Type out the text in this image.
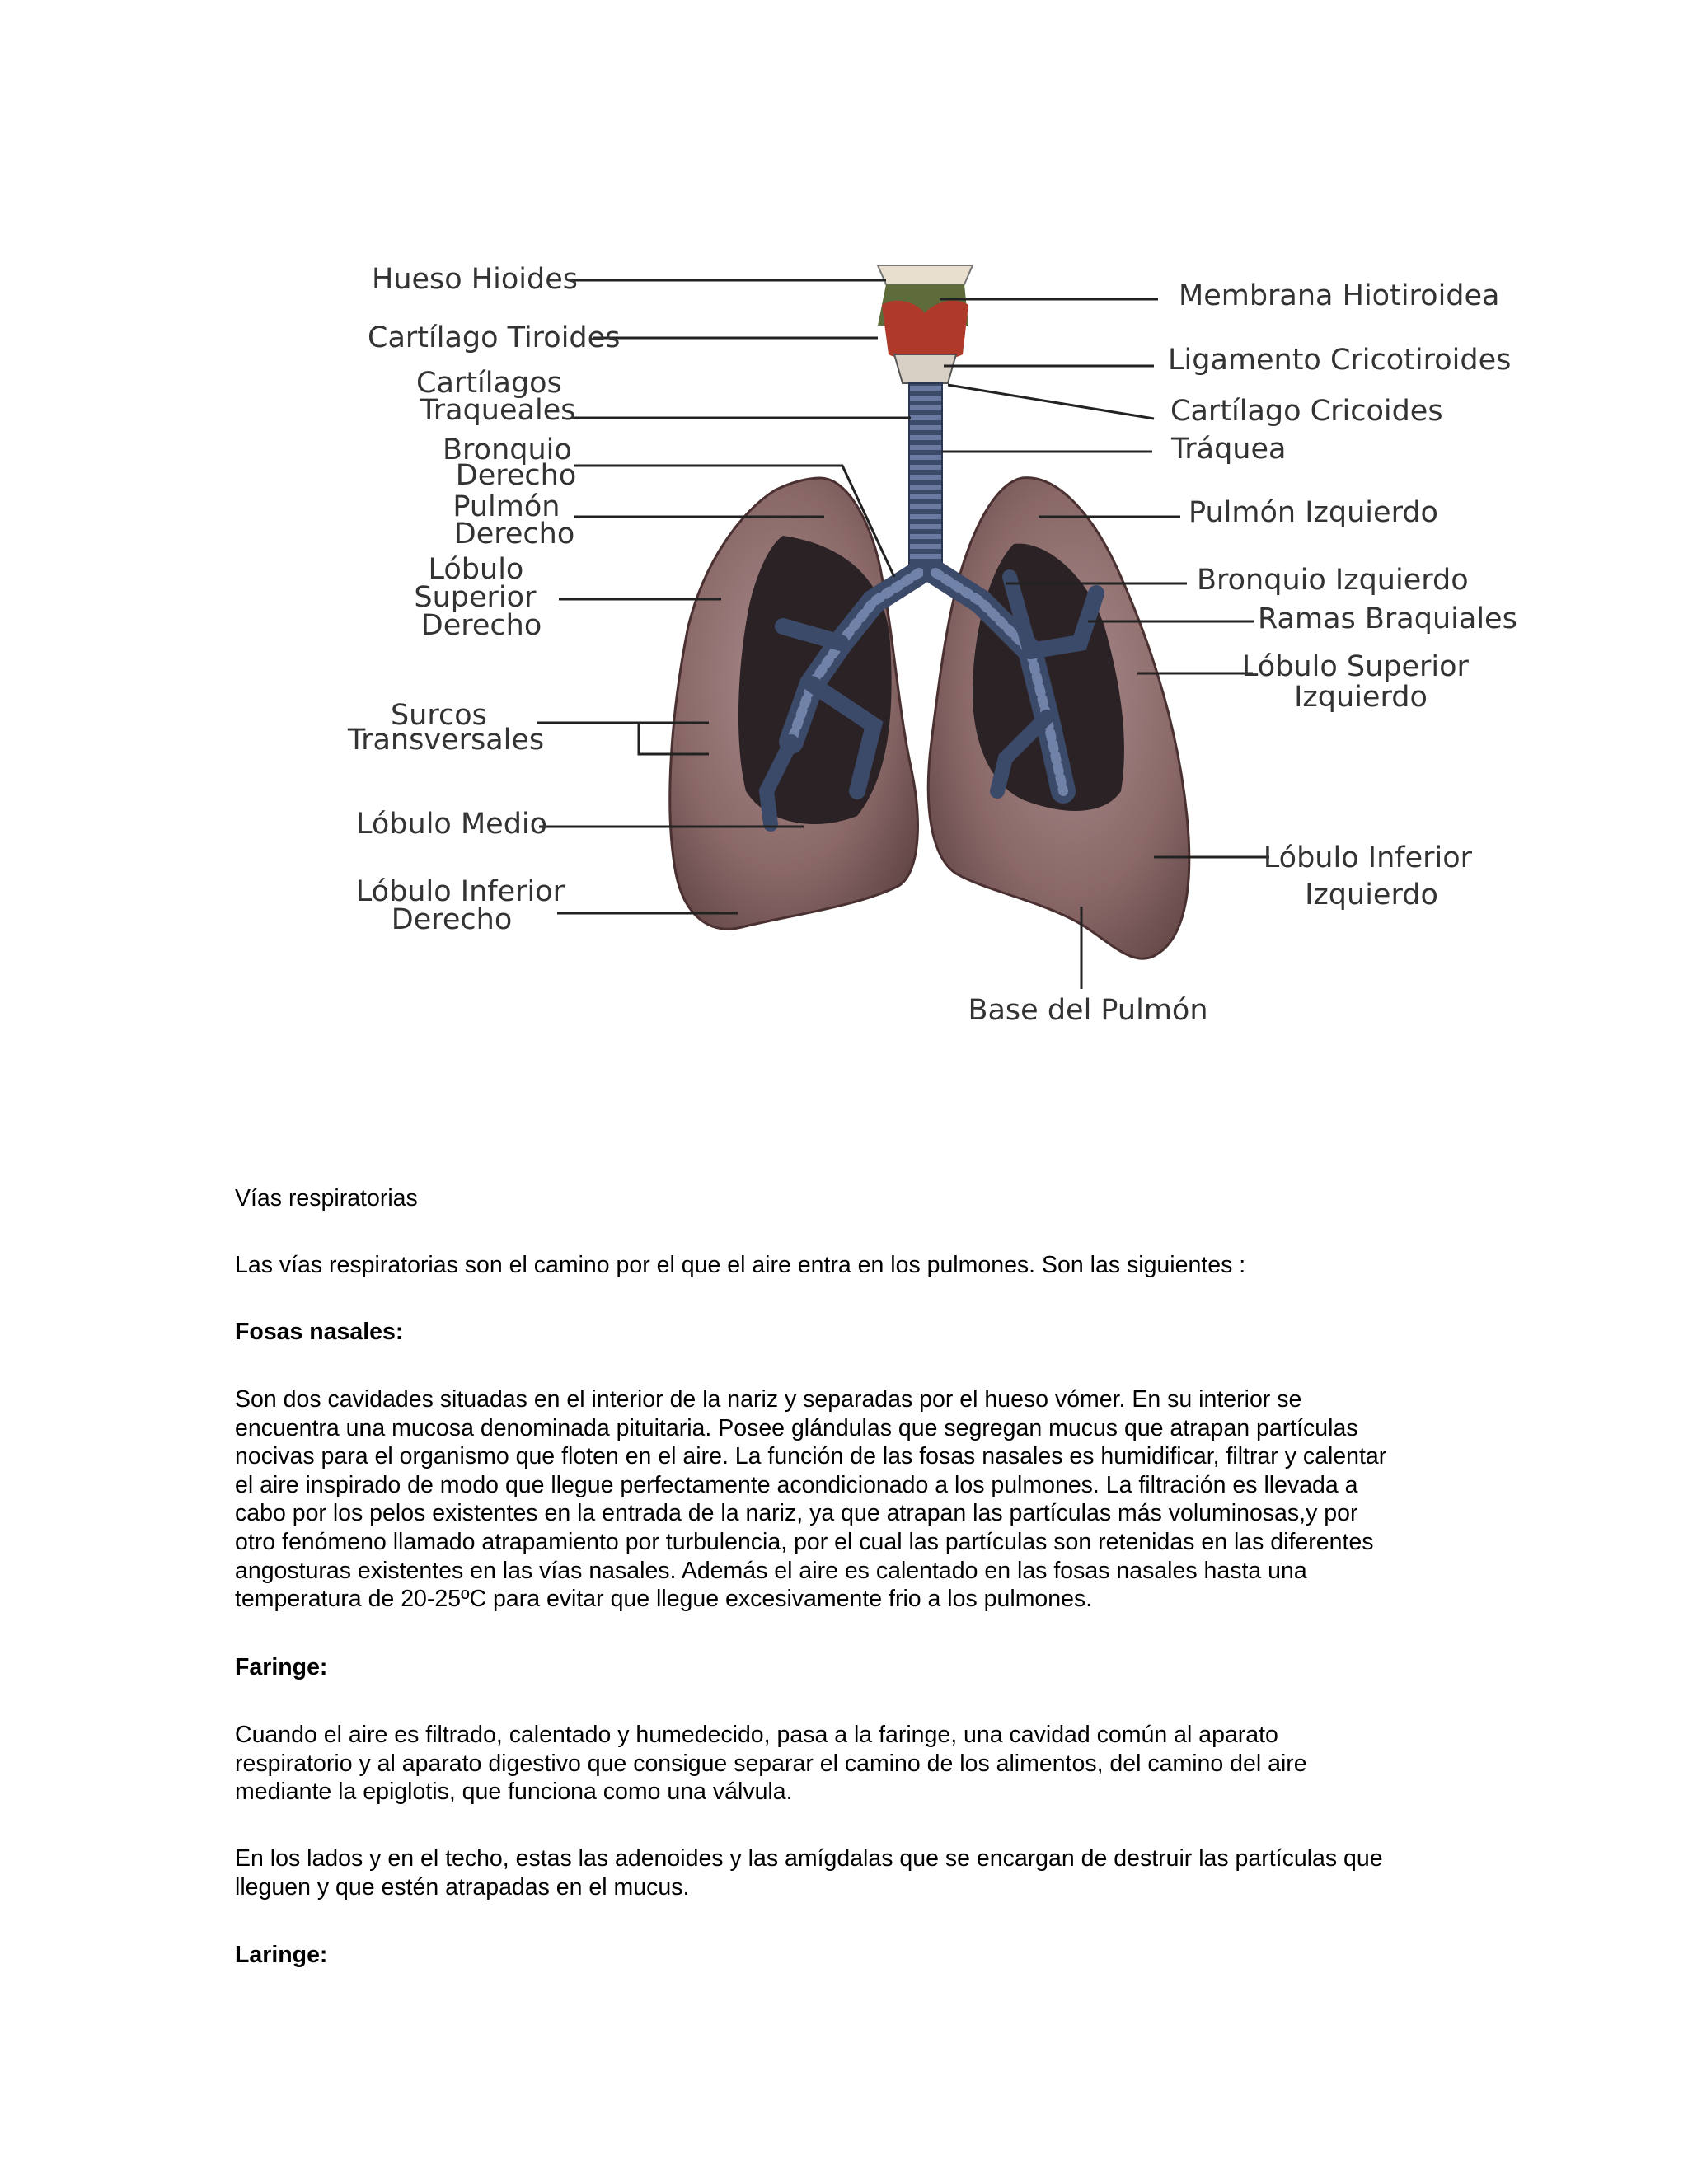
Hueso Hioides
Cartílago Tiroides
Cartílagos Traqueales
Bronquio Derecho
Pulmón Derecho
Lóbulo Superior Derecho
Surcos Transversales
Lóbulo Medio
Lóbulo Inferior Derecho
Membrana Hiotiroidea
Ligamento Cricotiroides
Cartílago Cricoides
Tráquea
Pulmón Izquierdo
Bronquio Izquierdo
Ramas Braquiales
Lóbulo Superior Izquierdo
Lóbulo Inferior Izquierdo
Base del Pulmón

Vías respiratorias

Las vías respiratorias son el camino por el que el aire entra en los pulmones. Son las siguientes :

Fosas nasales:

Son dos cavidades situadas en el interior de la nariz y separadas por el hueso vómer. En su interior se
encuentra una mucosa denominada pituitaria. Posee glándulas que segregan mucus que atrapan partículas
nocivas para el organismo que floten en el aire. La función de las fosas nasales es humidificar, filtrar y calentar
el aire inspirado de modo que llegue perfectamente acondicionado a los pulmones. La filtración es llevada a
cabo por los pelos existentes en la entrada de la nariz, ya que atrapan las partículas más voluminosas,y por
otro fenómeno llamado atrapamiento por turbulencia, por el cual las partículas son retenidas en las diferentes
angosturas existentes en las vías nasales. Además el aire es calentado en las fosas nasales hasta una
temperatura de 20-25ºC para evitar que llegue excesivamente frio a los pulmones.

Faringe:

Cuando el aire es filtrado, calentado y humedecido, pasa a la faringe, una cavidad común al aparato
respiratorio y al aparato digestivo que consigue separar el camino de los alimentos, del camino del aire
mediante la epiglotis, que funciona como una válvula.
En los lados y en el techo, estas las adenoides y las amígdalas que se encargan de destruir las partículas que
lleguen y que estén atrapadas en el mucus.

Laringe:
